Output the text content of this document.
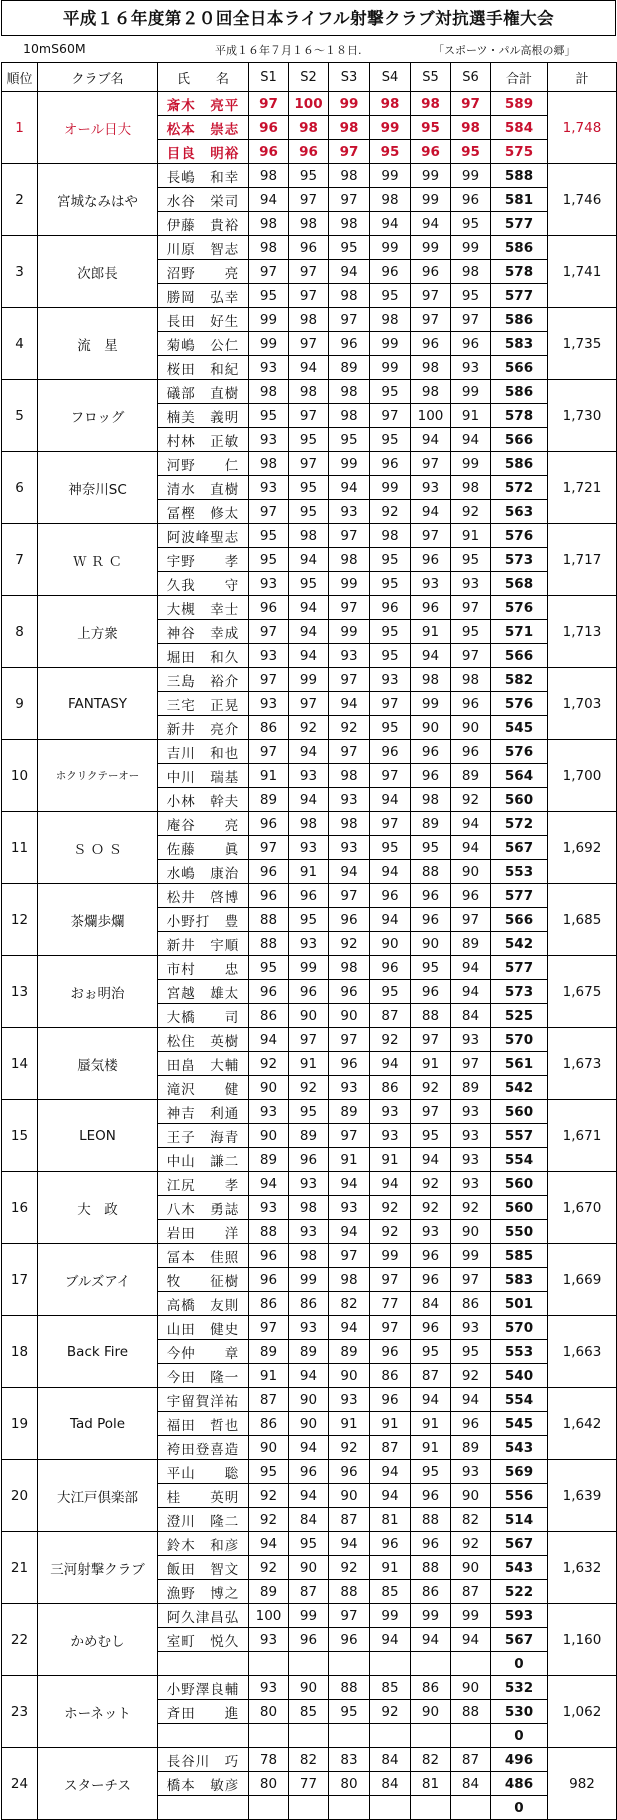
平成１６年度第２０回全日本ライフル射撃クラブ対抗選手権大会
10mS60M	平成１６年７月１６～１８日.	「スポーツ・パル高根の郷」
順位	クラブ名	氏　　名	S1	S2	S3	S4	S5	S6	合計	計
1	オール日大	斎木　亮平	97	100	99	98	98	97	589	1,748
		松本　崇志	96	98	98	99	95	98	584	
		目良　明裕	96	96	97	95	96	95	575	
2	宮城なみはや	長嶋　和幸	98	95	98	99	99	99	588	1,746
		水谷　栄司	94	97	97	98	99	96	581	
		伊藤　貴裕	98	98	98	94	94	95	577	
3	次郎長	川原　智志	98	96	95	99	99	99	586	1,741
		沼野　　亮	97	97	94	96	96	98	578	
		勝岡　弘幸	95	97	98	95	97	95	577	
4	流　星	長田　好生	99	98	97	98	97	97	586	1,735
		菊嶋　公仁	99	97	96	99	96	96	583	
		桜田　和紀	93	94	89	99	98	93	566	
5	フロッグ	礒部　直樹	98	98	98	95	98	99	586	1,730
		楠美　義明	95	97	98	97	100	91	578	
		村林　正敏	93	95	95	95	94	94	566	
6	神奈川SC	河野　　仁	98	97	99	96	97	99	586	1,721
		清水　直樹	93	95	94	99	93	98	572	
		冨樫　修太	97	95	93	92	94	92	563	
7	Ｗ Ｒ Ｃ	阿波峰聖志	95	98	97	98	97	91	576	1,717
		宇野　　孝	95	94	98	95	96	95	573	
		久我　　守	93	95	99	95	93	93	568	
8	上方衆	大槻　幸士	96	94	97	96	96	97	576	1,713
		神谷　幸成	97	94	99	95	91	95	571	
		堀田　和久	93	94	93	95	94	97	566	
9	FANTASY	三島　裕介	97	99	97	93	98	98	582	1,703
		三宅　正晃	93	97	94	97	99	96	576	
		新井　亮介	86	92	92	95	90	90	545	
10	ホクリクテーオー	吉川　和也	97	94	97	96	96	96	576	1,700
		中川　瑞基	91	93	98	97	96	89	564	
		小林　幹夫	89	94	93	94	98	92	560	
11	Ｓ Ｏ Ｓ	庵谷　　亮	96	98	98	97	89	94	572	1,692
		佐藤　　眞	97	93	93	95	95	94	567	
		水嶋　康治	96	91	94	94	88	90	553	
12	茶爛歩爛	松井　啓博	96	96	97	96	96	96	577	1,685
		小野打　豊	88	95	96	94	96	97	566	
		新井　宇順	88	93	92	90	90	89	542	
13	おぉ明治	市村　　忠	95	99	98	96	95	94	577	1,675
		宮越　雄太	96	96	96	95	96	94	573	
		大橋　　司	86	90	90	87	88	84	525	
14	蜃気楼	松住　英樹	94	97	97	92	97	93	570	1,673
		田畠　大輔	92	91	96	94	91	97	561	
		滝沢　　健	90	92	93	86	92	89	542	
15	LEON	神吉　利通	93	95	89	93	97	93	560	1,671
		王子　海青	90	89	97	93	95	93	557	
		中山　謙二	89	96	91	91	94	93	554	
16	大　政	江尻　　孝	94	93	94	94	92	93	560	1,670
		八木　勇誌	93	98	93	92	92	92	560	
		岩田　　洋	88	93	94	92	93	90	550	
17	ブルズアイ	冨本　佳照	96	98	97	99	96	99	585	1,669
		牧　　征樹	96	99	98	97	96	97	583	
		高橋　友則	86	86	82	77	84	86	501	
18	Back Fire	山田　健史	97	93	94	97	96	93	570	1,663
		今仲　　章	89	89	89	96	95	95	553	
		今田　隆一	91	94	90	86	87	92	540	
19	Tad Pole	宇留賀洋祐	87	90	93	96	94	94	554	1,642
		福田　哲也	86	90	91	91	91	96	545	
		袴田登喜造	90	94	92	87	91	89	543	
20	大江戸倶楽部	平山　　聡	95	96	96	94	95	93	569	1,639
		桂　　英明	92	94	90	94	96	90	556	
		澄川　隆二	92	84	87	81	88	82	514	
21	三河射撃クラブ	鈴木　和彦	94	95	94	96	96	92	567	1,632
		飯田　智文	92	90	92	91	88	90	543	
		漁野　博之	89	87	88	85	86	87	522	
22	かめむし	阿久津昌弘	100	99	97	99	99	99	593	1,160
		室町　悦久	93	96	96	94	94	94	567	
									0	
23	ホーネット	小野澤良輔	93	90	88	85	86	90	532	1,062
		斉田　　進	80	85	95	92	90	88	530	
									0	
24	スターチス	長谷川　巧	78	82	83	84	82	87	496	982
		橋本　敏彦	80	77	80	84	81	84	486	
									0	
